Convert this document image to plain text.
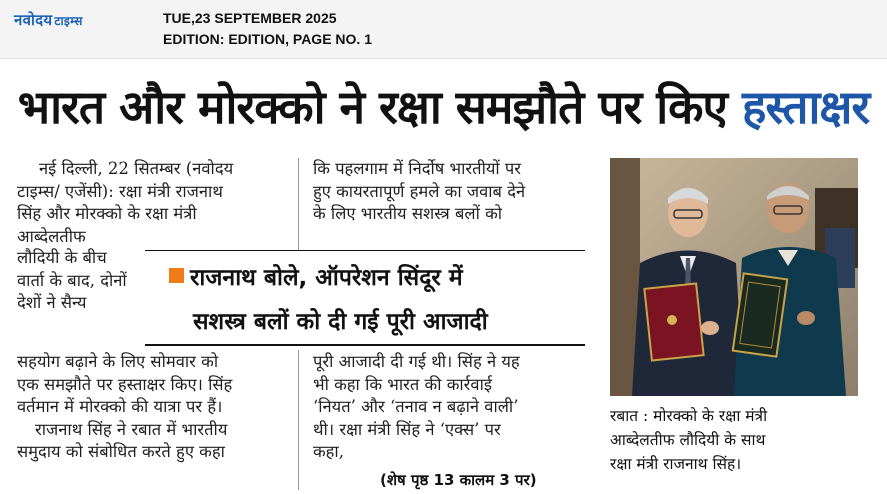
नवोदय टाइम्स	TUE,23 SEPTEMBER 2025
EDITION: EDITION, PAGE NO. 1
भारत और मोरक्को ने रक्षा समझौते पर किए हस्ताक्षर
नई दिल्ली, 22 सितम्बर (नवोदय
टाइम्स/ एजेंसी): रक्षा मंत्री राजनाथ
सिंह और मोरक्को के रक्षा मंत्री
आब्देलतीफ
लौदियी के बीच
वार्ता के बाद, दोनों
देशों ने सैन्य
सहयोग बढ़ाने के लिए सोमवार को
एक समझौते पर हस्ताक्षर किए। सिंह
वर्तमान में मोरक्को की यात्रा पर हैं।
राजनाथ सिंह ने रबात में भारतीय
समुदाय को संबोधित करते हुए कहा
कि पहलगाम में निर्दोष भारतीयों पर
हुए कायरतापूर्ण हमले का जवाब देने
के लिए भारतीय सशस्त्र बलों को
पूरी आजादी दी गई थी। सिंह ने यह
भी कहा कि भारत की कार्रवाई
‘नियत’ और ‘तनाव न बढ़ाने वाली’
थी। रक्षा मंत्री सिंह ने ‘एक्स’ पर
कहा,
राजनाथ बोले, ऑपरेशन सिंदूर में
सशस्त्र बलों को दी गई पूरी आजादी
(शेष पृष्ठ 13 कालम 3 पर)
रबात : मोरक्को के रक्षा मंत्री
आब्देलतीफ लौदियी के साथ
रक्षा मंत्री राजनाथ सिंह।
